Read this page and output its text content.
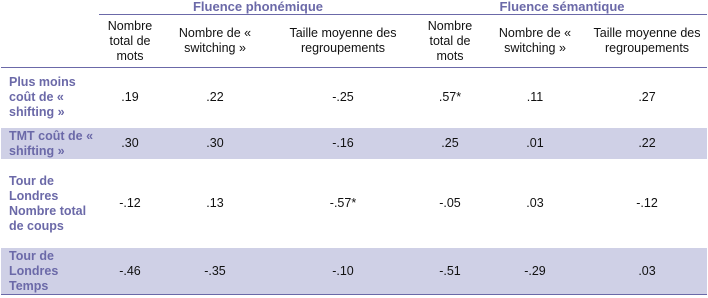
	Fluence phonémique			Fluence sémantique		
	Nombre total de mots	Nombre de « switching »	Taille moyenne des regroupements	Nombre total de mots	Nombre de « switching »	Taille moyenne des regroupements
Plus moins coût de « shifting »	.19	.22	-.25	.57*	.11	.27
TMT coût de « shifting »	.30	.30	-.16	.25	.01	.22
Tour de Londres Nombre total de coups	-.12	.13	-.57*	-.05	.03	-.12
Tour de Londres Temps	-.46	-.35	-.10	-.51	-.29	.03
